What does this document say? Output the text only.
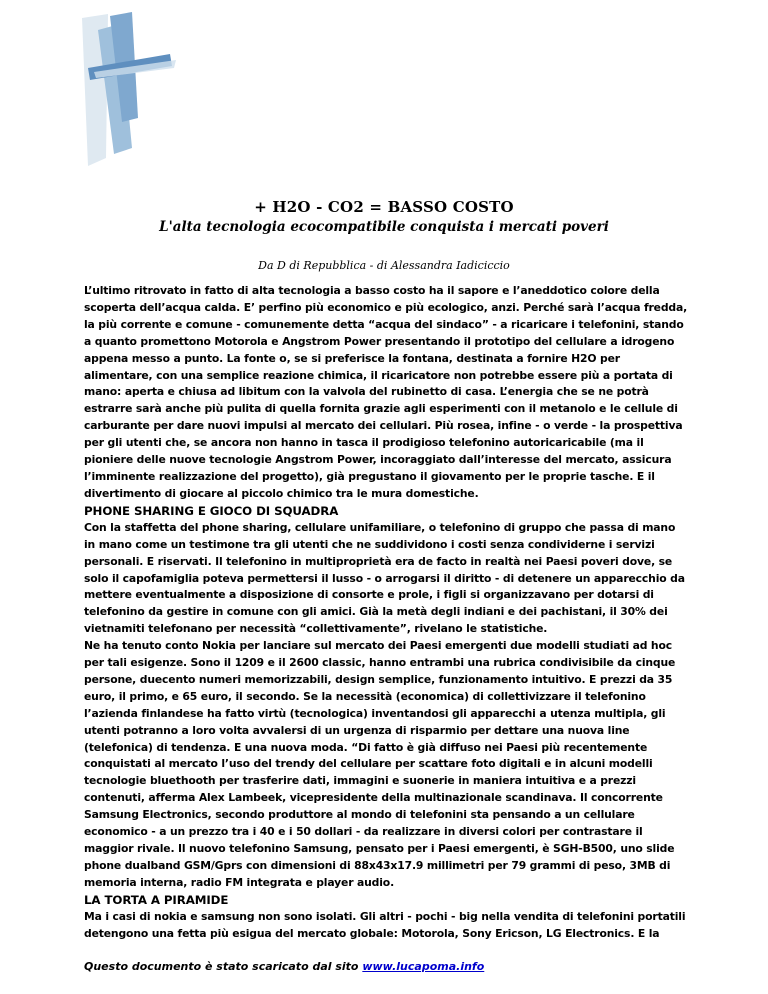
+ H2O - CO2 = BASSO COSTO
L'alta tecnologia ecocompatibile conquista i mercati poveri
Da D di Repubblica - di Alessandra Iadiciccio

L’ultimo ritrovato in fatto di alta tecnologia a basso costo ha il sapore e l’aneddotico colore della scoperta dell’acqua calda. E’ perfino più economico e più ecologico, anzi. Perché sarà l’acqua fredda, la più corrente e comune - comunemente detta “acqua del sindaco” - a ricaricare i telefonini, stando a quanto promettono Motorola e Angstrom Power presentando il prototipo del cellulare a idrogeno appena messo a punto. La fonte o, se si preferisce la fontana, destinata a fornire H2O per alimentare, con una semplice reazione chimica, il ricaricatore non potrebbe essere più a portata di mano: aperta e chiusa ad libitum con la valvola del rubinetto di casa. L’energia che se ne potrà estrarre sarà anche più pulita di quella fornita grazie agli esperimenti con il metanolo e le cellule di carburante per dare nuovi impulsi al mercato dei cellulari. Più rosea, infine - o verde - la prospettiva per gli utenti che, se ancora non hanno in tasca il prodigioso telefonino autoricaricabile (ma il pioniere delle nuove tecnologie Angstrom Power, incoraggiato dall’interesse del mercato, assicura l’imminente realizzazione del progetto), già pregustano il giovamento per le proprie tasche. E il divertimento di giocare al piccolo chimico tra le mura domestiche.

PHONE SHARING E GIOCO DI SQUADRA

Con la staffetta del phone sharing, cellulare unifamiliare, o telefonino di gruppo che passa di mano in mano come un testimone tra gli utenti che ne suddividono i costi senza condividerne i servizi personali. E riservati. Il telefonino in multiproprietà era de facto in realtà nei Paesi poveri dove, se solo il capofamiglia poteva permettersi il lusso - o arrogarsi il diritto - di detenere un apparecchio da mettere eventualmente a disposizione di consorte e prole, i figli si organizzavano per dotarsi di telefonino da gestire in comune con gli amici. Già la metà degli indiani e dei pachistani, il 30% dei vietnamiti telefonano per necessità “collettivamente”, rivelano le statistiche.

Ne ha tenuto conto Nokia per lanciare sul mercato dei Paesi emergenti due modelli studiati ad hoc per tali esigenze. Sono il 1209 e il 2600 classic, hanno entrambi una rubrica condivisibile da cinque persone, duecento numeri memorizzabili, design semplice, funzionamento intuitivo. E prezzi da 35 euro, il primo, e 65 euro, il secondo. Se la necessità (economica) di collettivizzare il telefonino l’azienda finlandese ha fatto virtù (tecnologica) inventandosi gli apparecchi a utenza multipla, gli utenti potranno a loro volta avvalersi di un urgenza di risparmio per dettare una nuova line (telefonica) di tendenza. E una nuova moda. “Di fatto è già diffuso nei Paesi più recentemente conquistati al mercato l’uso del trendy del cellulare per scattare foto digitali e in alcuni modelli tecnologie bluethooth per trasferire dati, immagini e suonerie in maniera intuitiva e a prezzi contenuti, afferma Alex Lambeek, vicepresidente della multinazionale scandinava. Il concorrente Samsung Electronics, secondo produttore al mondo di telefonini sta pensando a un cellulare economico - a un prezzo tra i 40 e i 50 dollari - da realizzare in diversi colori per contrastare il maggior rivale. Il nuovo telefonino Samsung, pensato per i Paesi emergenti, è SGH-B500, uno slide phone dualband GSM/Gprs con dimensioni di 88x43x17.9 millimetri per 79 grammi di peso, 3MB di memoria interna, radio FM integrata e player audio.

LA TORTA A PIRAMIDE

Ma i casi di nokia e samsung non sono isolati. Gli altri - pochi - big nella vendita di telefonini portatili detengono una fetta più esigua del mercato globale: Motorola, Sony Ericson, LG Electronics. E la

Questo documento è stato scaricato dal sito www.lucapoma.info
